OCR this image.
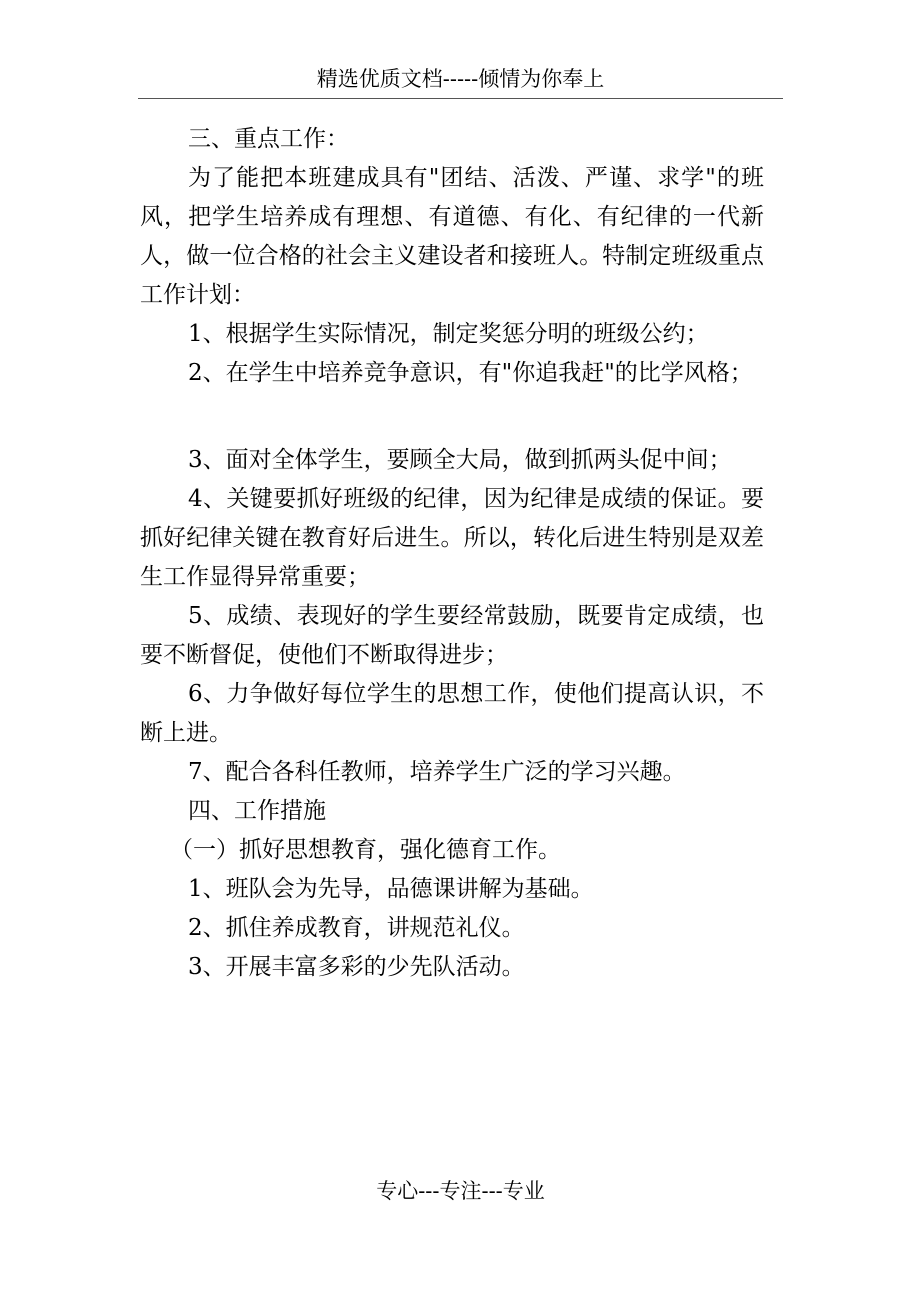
精选优质文档-----倾情为你奉上

三、重点工作：

为了能把本班建成具有"团结、活泼、严谨、求学"的班风，把学生培养成有理想、有道德、有化、有纪律的一代新人，做一位合格的社会主义建设者和接班人。特制定班级重点工作计划：

1、根据学生实际情况，制定奖惩分明的班级公约；

2、在学生中培养竞争意识，有"你追我赶"的比学风格；

3、面对全体学生，要顾全大局，做到抓两头促中间；

4、关键要抓好班级的纪律，因为纪律是成绩的保证。要抓好纪律关键在教育好后进生。所以，转化后进生特别是双差生工作显得异常重要；

5、成绩、表现好的学生要经常鼓励，既要肯定成绩，也要不断督促，使他们不断取得进步；

6、力争做好每位学生的思想工作，使他们提高认识，不断上进。

7、配合各科任教师，培养学生广泛的学习兴趣。

四、工作措施

（一）抓好思想教育，强化德育工作。

1、班队会为先导，品德课讲解为基础。

2、抓住养成教育，讲规范礼仪。

3、开展丰富多彩的少先队活动。

专心---专注---专业
